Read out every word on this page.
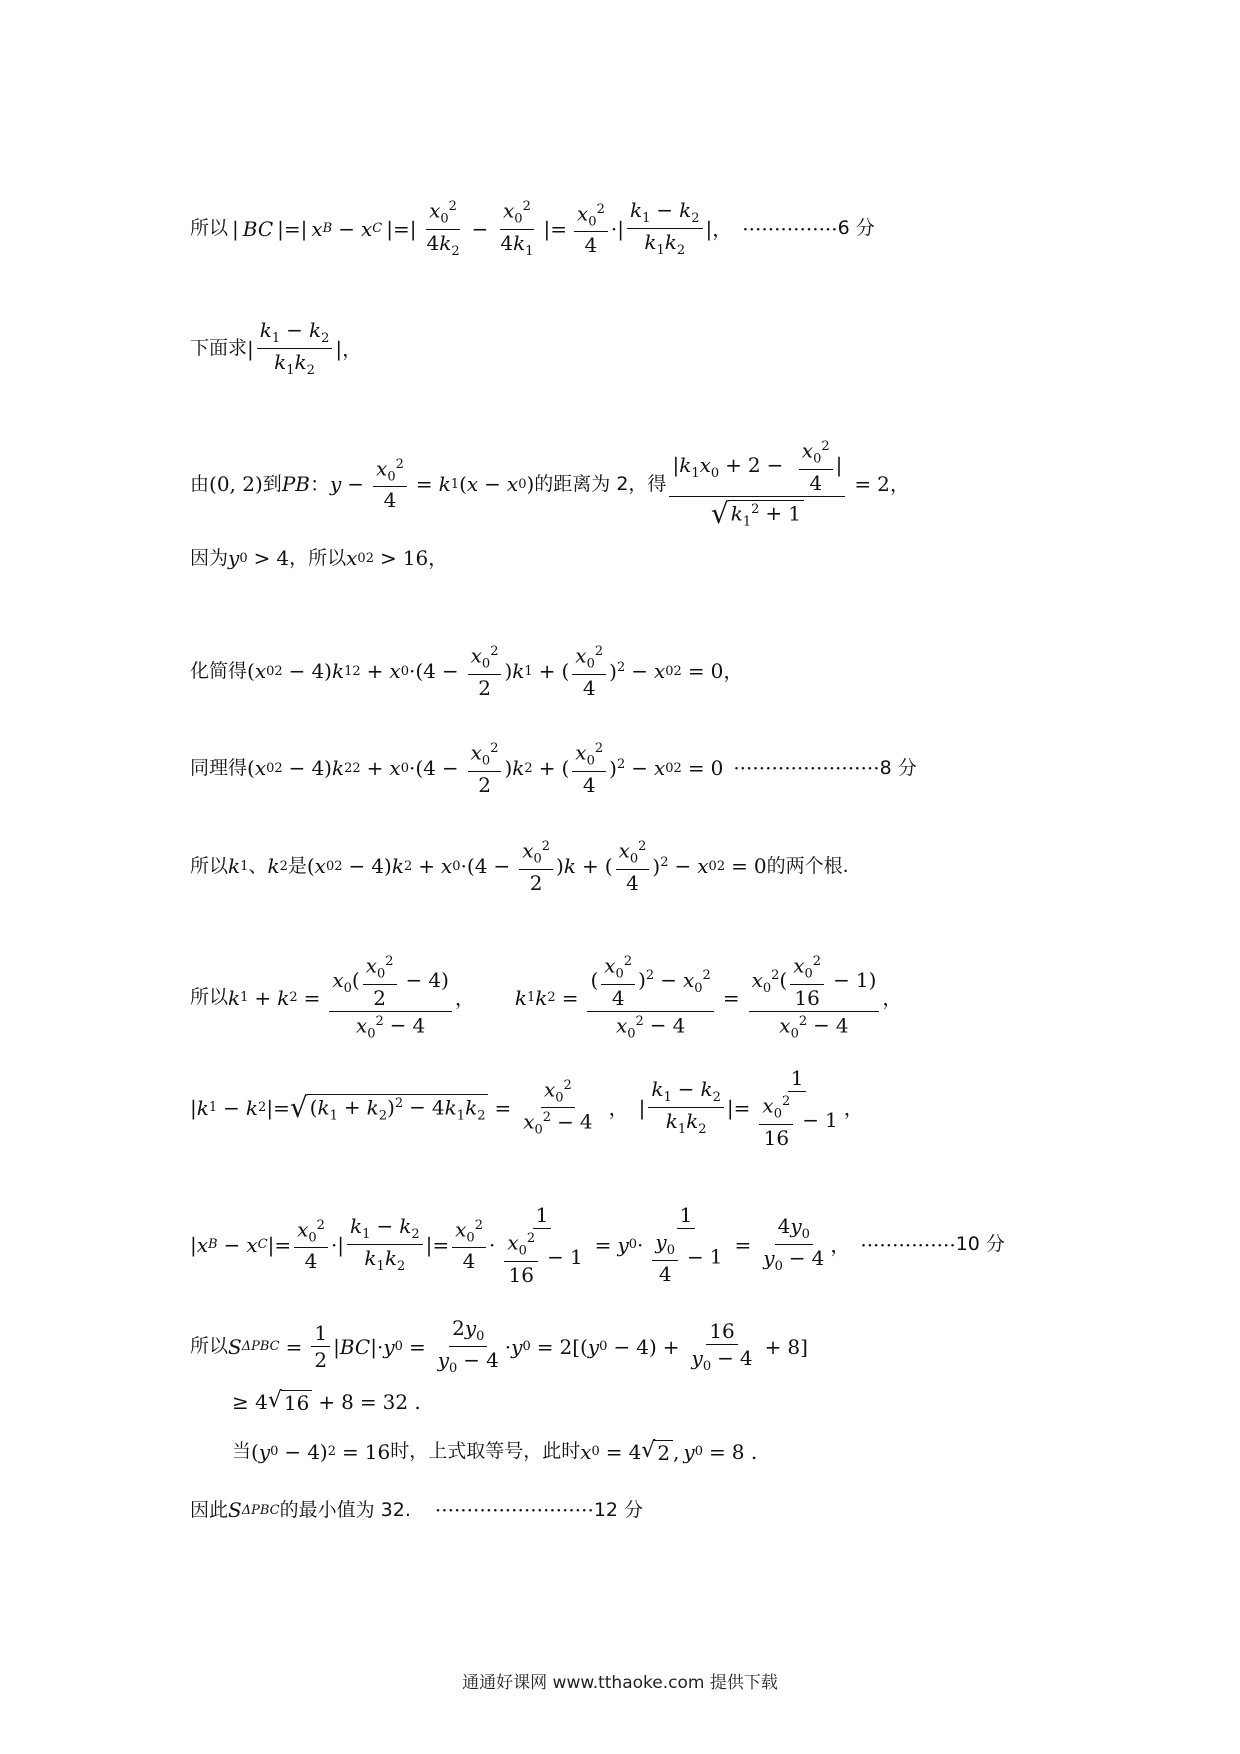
所以 | BC |=| x B − x C |=| $\frac{x_0^2}{4k_2} - \frac{x_0^2}{4k_1}$ |= $\frac{x_0^2}{4}$ ·| $\frac{k_1 - k_2}{k_1k_2}$ |， ··············· 6 分
下面求 | $\frac{k_1 - k_2}{k_1k_2}$ |，
由 (0, 2) 到 PB ： $y - \frac{x_0^2}{4} = k$ 1 ( x − x 0 ) 的距离为 2，得 $\frac{|k_1x_0 + 2 - \frac{x_0^2}{4} |}{√ k_1^2 + 1} = 2$，
因为 y 0 > 4 ，所以 x 0 2 > 16，
化简得 ( x 0 2 − 4) k 1 2 + x $0 \cdot(4 - \frac{x_0^2}{2}$ ) k 1 + ( $\frac{x_0^2}{4} )^2 - x$ 0 2 = 0，
同理得 ( x 0 2 − 4) k 2 2 + x $0 \cdot(4 - \frac{x_0^2}{2}$ ) k 2 + ( $\frac{x_0^2}{4} )^2 - x$ 0 2 = 0 ······················· 8 分
所以 k 1 、 k 2 是 ( x 0 2 − 4) k 2 + x $0 \cdot(4 - \frac{x_0^2}{2}$ ) k + ( $\frac{x_0^2}{4} )^2 - x$ 0 2 = 0 的两个根.
所以 k 1 + k $2 = \frac{x_0( \frac{x_0^2}{2} - 4)}{x_0^2 - 4}$ ， k 1 k $2 = \frac{( \frac{x_0^2}{4} )^2 - x_0^2}{x_0^2 - 4} = \frac{x_0^2( \frac{x_0^2}{16} - 1)}{x_0^2 - 4}$ ，
| k 1 − k 2 |= √ $(k_1 + k_2)^2 - 4k_1k_2 = \frac{x_0^2}{x_0^2 - 4}$ ， | $\frac{k_1 - k_2}{k_1k_2}$ |= $\frac{1}{\frac{x_0^2}{16} - 1}$ ，
| x B − x C |= $\frac{x_0^2}{4}$ ·| $\frac{k_1 - k_2}{k_1k_2}$ |= $\frac{x_0^2}{4} \cdot \frac{1}{\frac{x_0^2}{16} - 1} = y$ $0 \cdot \frac{1}{\frac{y_0}{4} - 1} = \frac{4y_0}{y_0 - 4}$ ， ··············· 10 分
所以 S $\Delta PBC = \frac{1}{2}$ | BC |· y $0 = \frac{2y_0}{y_0 - 4} \cdot y$ 0 = 2[( y $0 - 4) + \frac{16}{y_0 - 4} + 8$]
≥ 4 √ 16 + 8 = 32 .
当 ( y 0 − 4) 2 = 16 时，上式取等号，此时 x 0 = 4 √ 2 , y 0 = 8 .
因此 S ΔPBC 的最小值为 32. ························· 12 分
通通好课网 www.tthaoke.com 提供下载
